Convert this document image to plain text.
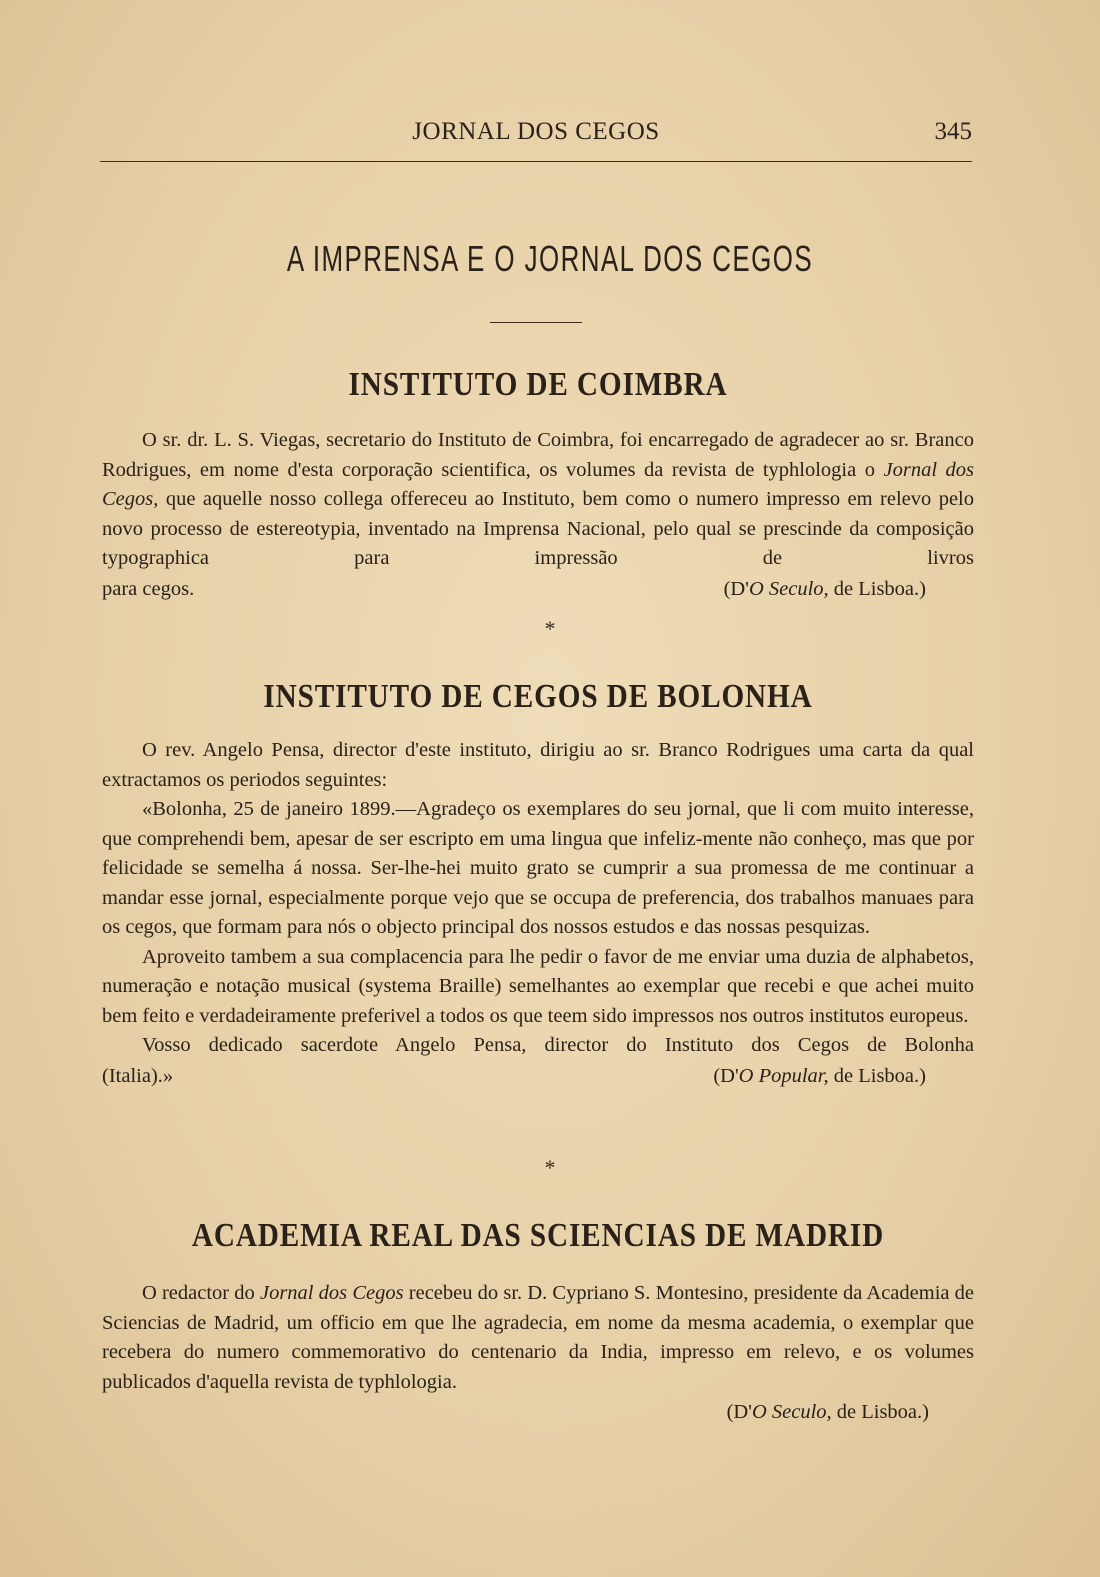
JORNAL DOS CEGOS	345
A IMPRENSA E O JORNAL DOS CEGOS
INSTITUTO DE COIMBRA

O sr. dr. L. S. Viegas, secretario do Instituto de Coimbra, foi encarregado de agradecer ao sr. Branco Rodrigues, em nome d'esta corporação scientifica, os volumes da revista de typhlologia o Jornal dos Cegos, que aquelle nosso collega offereceu ao Instituto, bem como o numero impresso em relevo pelo novo processo de estereotypia, inventado na Imprensa Nacional, pelo qual se prescinde da composição typographica para impressão de livros

para cegos.	(D'O Seculo, de Lisboa.)
*
INSTITUTO DE CEGOS DE BOLONHA

O rev. Angelo Pensa, director d'este instituto, dirigiu ao sr. Branco Rodrigues uma carta da qual extractamos os periodos seguintes:

«Bolonha, 25 de janeiro 1899.—Agradeço os exemplares do seu jornal, que li com muito interesse, que comprehendi bem, apesar de ser escripto em uma lingua que infeliz-mente não conheço, mas que por felicidade se semelha á nossa. Ser-lhe-hei muito grato se cumprir a sua promessa de me continuar a mandar esse jornal, especialmente porque vejo que se occupa de preferencia, dos trabalhos manuaes para os cegos, que formam para nós o objecto principal dos nossos estudos e das nossas pesquizas.

Aproveito tambem a sua complacencia para lhe pedir o favor de me enviar uma duzia de alphabetos, numeração e notação musical (systema Braille) semelhantes ao exemplar que recebi e que achei muito bem feito e verdadeiramente preferivel a todos os que teem sido impressos nos outros institutos europeus.

Vosso dedicado sacerdote Angelo Pensa, director do Instituto dos Cegos de Bolonha

(Italia).»	(D'O Popular, de Lisboa.)
*
ACADEMIA REAL DAS SCIENCIAS DE MADRID

O redactor do Jornal dos Cegos recebeu do sr. D. Cypriano S. Montesino, presidente da Academia de Sciencias de Madrid, um officio em que lhe agradecia, em nome da mesma academia, o exemplar que recebera do numero commemorativo do centenario da India, impresso em relevo, e os volumes publicados d'aquella revista de typhlologia.

(D'O Seculo, de Lisboa.)
